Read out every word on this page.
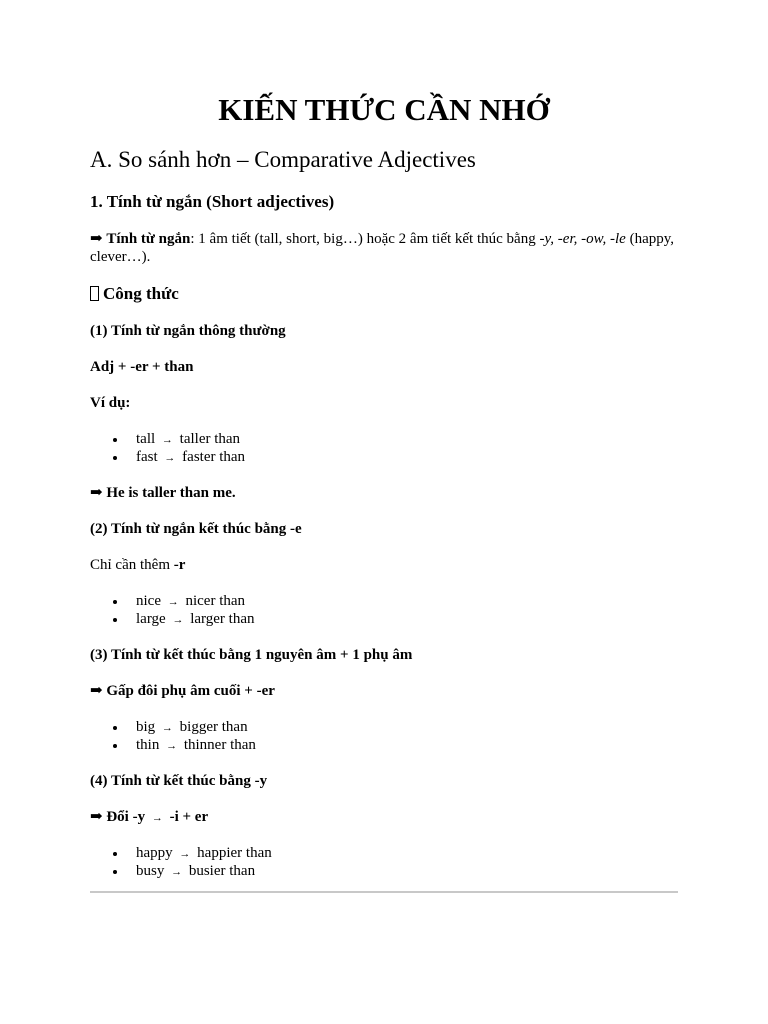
KIẾN THỨC CẦN NHỚ
A. So sánh hơn – Comparative Adjectives
1. Tính từ ngắn (Short adjectives)

➡ Tính từ ngắn: 1 âm tiết (tall, short, big…) hoặc 2 âm tiết kết thúc bằng -y, -er, -ow, -le (happy, clever…).

Công thức

(1) Tính từ ngắn thông thường

Adj + -er + than

Ví dụ:

tall → taller than
fast → faster than

➡ He is taller than me.

(2) Tính từ ngắn kết thúc bằng -e

Chỉ cần thêm -r

nice → nicer than
large → larger than

(3) Tính từ kết thúc bằng 1 nguyên âm + 1 phụ âm

➡ Gấp đôi phụ âm cuối + -er

big → bigger than
thin → thinner than

(4) Tính từ kết thúc bằng -y

➡ Đổi -y → -i + er

happy → happier than
busy → busier than
